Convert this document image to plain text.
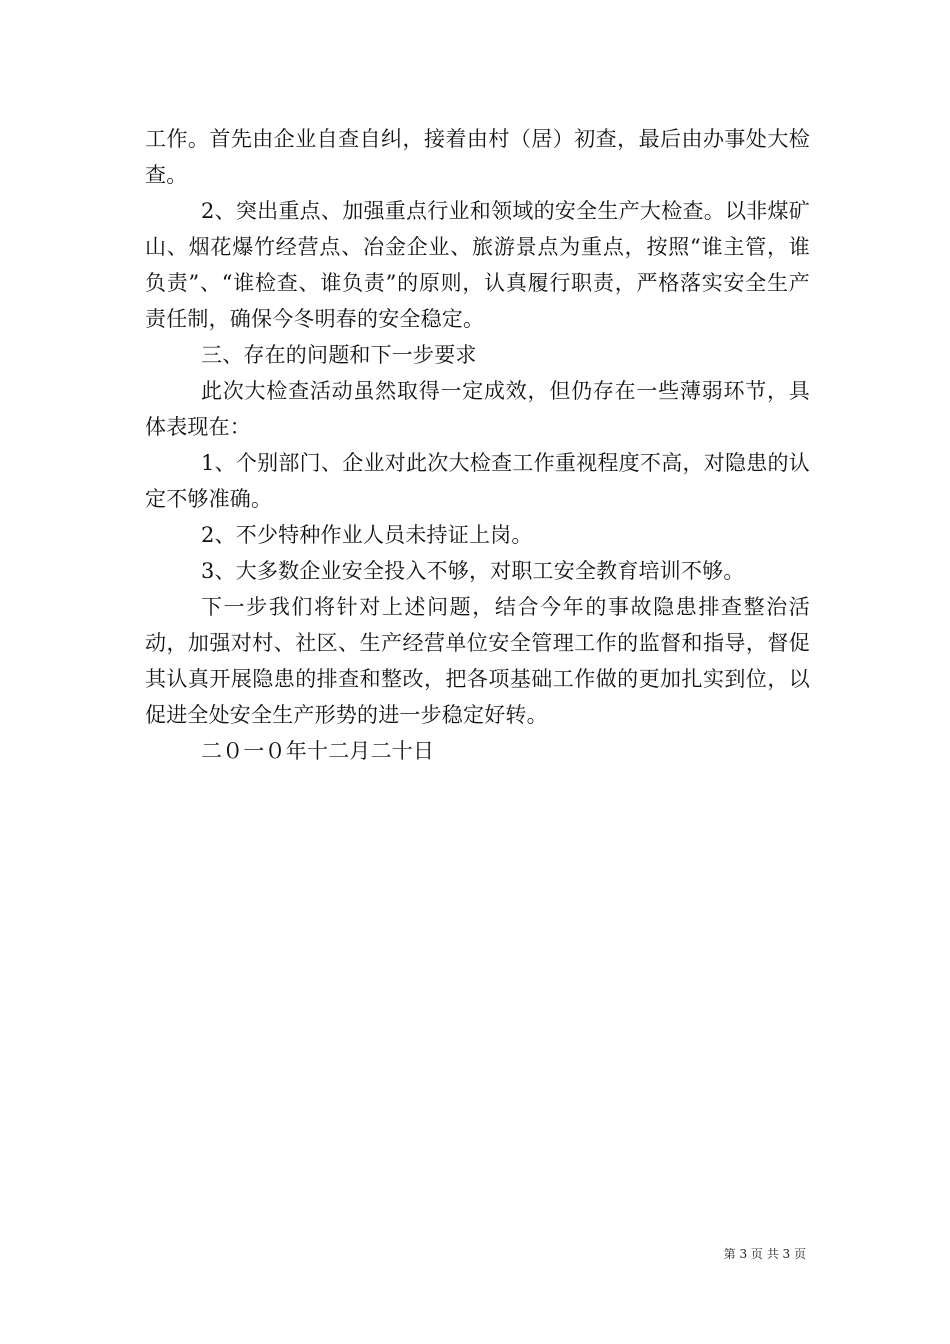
工作。首先由企业自查自纠，接着由村（居）初查，最后由办事处大检查。

2、突出重点、加强重点行业和领域的安全生产大检查。以非煤矿山、烟花爆竹经营点、冶金企业、旅游景点为重点，按照“谁主管，谁负责”、“谁检查、谁负责”的原则，认真履行职责，严格落实安全生产责任制，确保今冬明春的安全稳定。

三、存在的问题和下一步要求

此次大检查活动虽然取得一定成效，但仍存在一些薄弱环节，具体表现在：

1、个别部门、企业对此次大检查工作重视程度不高，对隐患的认定不够准确。

2、不少特种作业人员未持证上岗。

3、大多数企业安全投入不够，对职工安全教育培训不够。

下一步我们将针对上述问题，结合今年的事故隐患排查整治活动，加强对村、社区、生产经营单位安全管理工作的监督和指导，督促其认真开展隐患的排查和整改，把各项基础工作做的更加扎实到位，以促进全处安全生产形势的进一步稳定好转。

二０一０年十二月二十日

第 3 页 共 3 页
